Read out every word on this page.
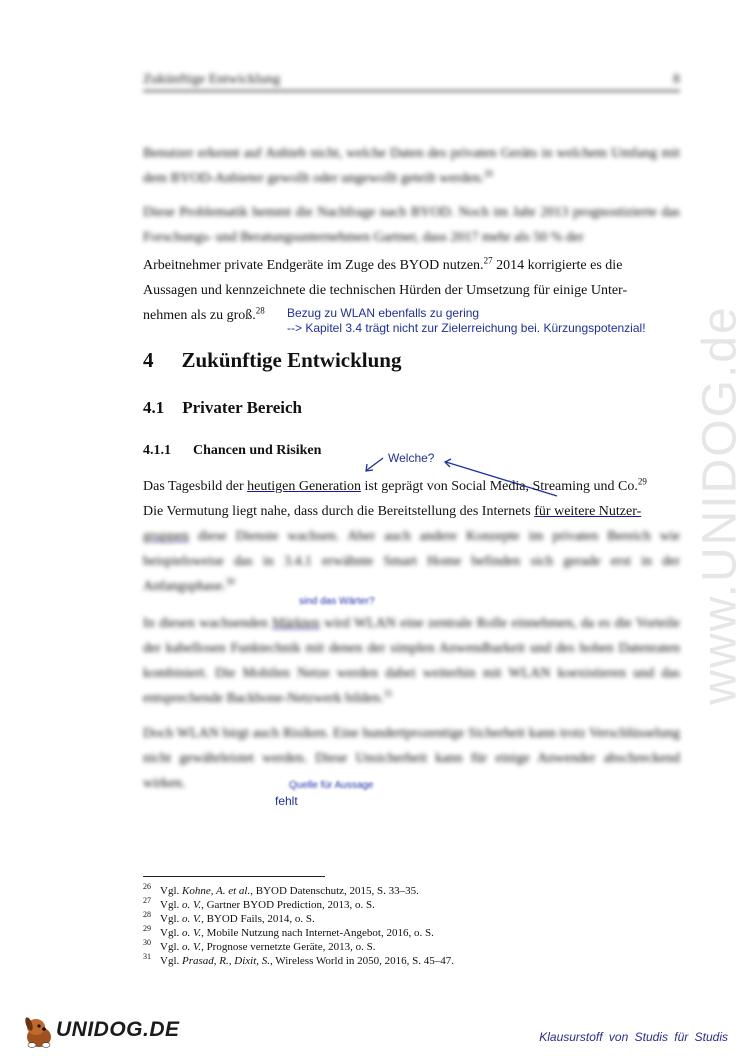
www.UNIDOG.de
Zukünftige Entwicklung	8
Benutzer erkennt auf Anhieb nicht, welche Daten des privaten Geräts in welchem Umfang mit dem BYOD-Anbieter gewollt oder ungewollt geteilt werden.$^{26}$
Diese Problematik hemmt die Nachfrage nach BYOD. Noch im Jahr 2013 prognostizierte das Forschungs- und Beratungsunternehmen Gartner, dass 2017 mehr als 50 % der
Arbeitnehmer private Endgeräte im Zuge des BYOD nutzen.$^{27}$ 2014 korrigierte es die
Aussagen und kennzeichnete die technischen Hürden der Umsetzung für einige Unter-
nehmen als zu groß.$^{28}$	Bezug zu WLAN ebenfalls zu gering
--> Kapitel 3.4 trägt nicht zur Zielerreichung bei. Kürzungspotenzial!
4 Zukünftige Entwicklung
4.1 Privater Bereich
4.1.1 Chancen und Risiken	Welche?
Das Tagesbild der heutigen Generation ist geprägt von Social Media, Streaming und Co.$^{29}$
Die Vermutung liegt nahe, dass durch die Bereitstellung des Internets für weitere Nutzer-
gruppen diese Dienste wachsen. Aber auch andere Konzepte im privaten Bereich wie beispielsweise das in 3.4.1 erwähnte Smart Home befinden sich gerade erst in der Anfangsphase.$^{30}$
sind das Wärter?
In diesen wachsenden Märkten wird WLAN eine zentrale Rolle einnehmen, da es die Vorteile der kabellosen Funktechnik mit denen der simplen Anwendbarkeit und des hohen Datenraten kombiniert. Die Mobilen Netze werden dabei weiterhin mit WLAN koexistieren und das entsprechende Backbone-Netzwerk bilden.$^{31}$
Doch WLAN birgt auch Risiken. Eine hundertprozentige Sicherheit kann trotz Verschlüsselung nicht gewährleistet werden. Diese Unsicherheit kann für einige Anwender abschreckend wirken.	Quelle für Aussage
fehlt
$^{26}$ Vgl. Kohne, A. et al., BYOD Datenschutz, 2015, S. 33–35.
$^{27}$ Vgl. o. V., Gartner BYOD Prediction, 2013, o. S.
$^{28}$ Vgl. o. V., BYOD Fails, 2014, o. S.
$^{29}$ Vgl. o. V., Mobile Nutzung nach Internet-Angebot, 2016, o. S.
$^{30}$ Vgl. o. V., Prognose vernetzte Geräte, 2013, o. S.
$^{31}$ Vgl. Prasad, R., Dixit, S., Wireless World in 2050, 2016, S. 45–47.
UNIDOG.DE	Klausurstoff von Studis für Studis
